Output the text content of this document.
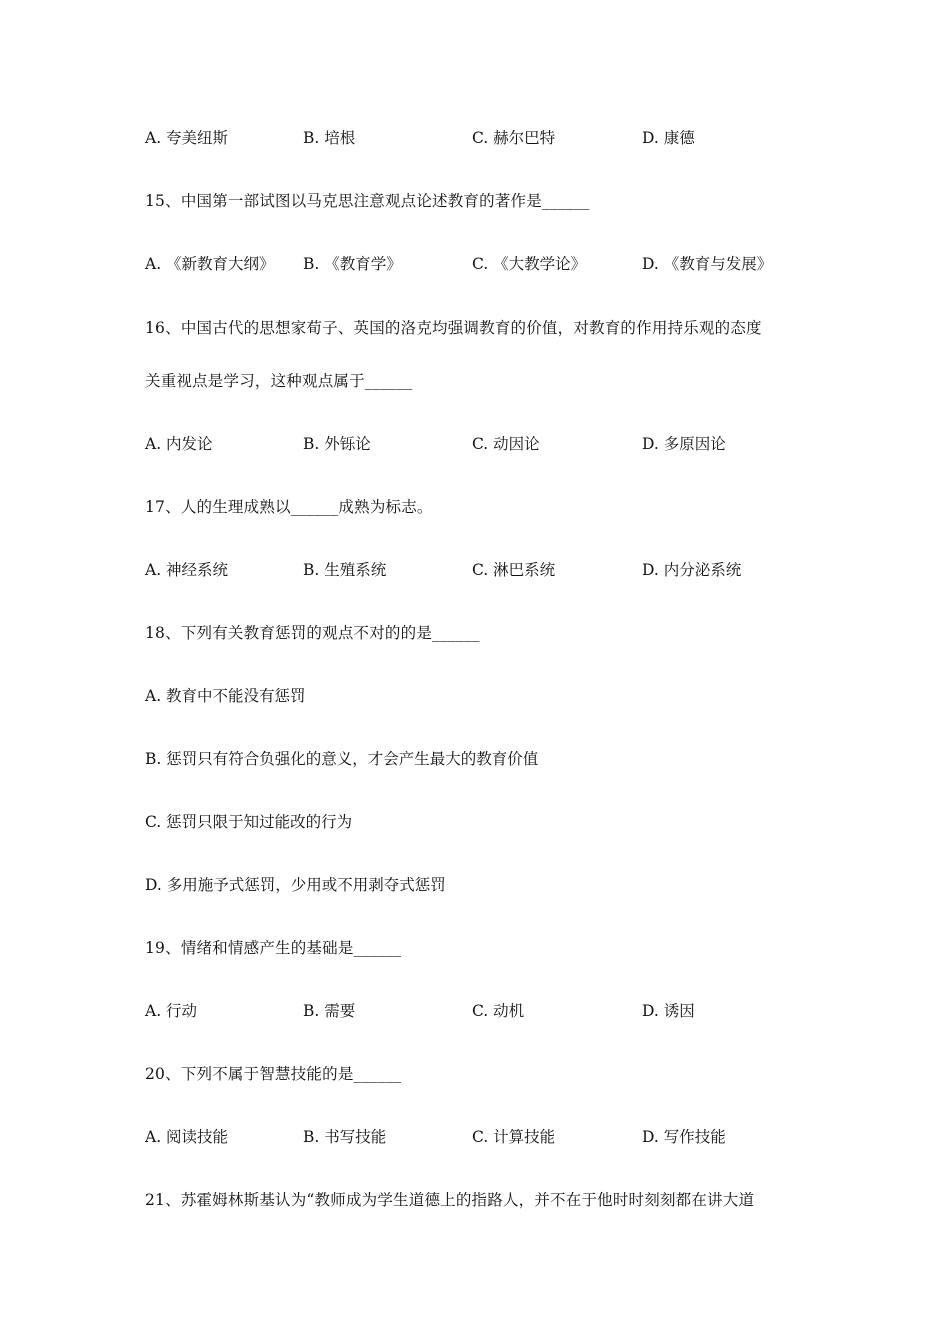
A. 夸美纽斯	B. 培根	C. 赫尔巴特	D. 康德
15、中国第一部试图以马克思注意观点论述教育的著作是______
A. 《新教育大纲》 B. 《教育学》	C. 《大教学论》	D. 《教育与发展》
16、中国古代的思想家荀子、英国的洛克均强调教育的价值，对教育的作用持乐观的态度
关重视点是学习，这种观点属于______
A. 内发论	B. 外铄论	C. 动因论	D. 多原因论
17、人的生理成熟以______成熟为标志。
A. 神经系统	B. 生殖系统	C. 淋巴系统	D. 内分泌系统
18、下列有关教育惩罚的观点不对的的是______
A. 教育中不能没有惩罚
B. 惩罚只有符合负强化的意义，才会产生最大的教育价值
C. 惩罚只限于知过能改的行为
D. 多用施予式惩罚，少用或不用剥夺式惩罚
19、情绪和情感产生的基础是______
A. 行动	B. 需要	C. 动机	D. 诱因
20、下列不属于智慧技能的是______
A. 阅读技能	B. 书写技能	C. 计算技能	D. 写作技能
21、苏霍姆林斯基认为“教师成为学生道德上的指路人，并不在于他时时刻刻都在讲大道
